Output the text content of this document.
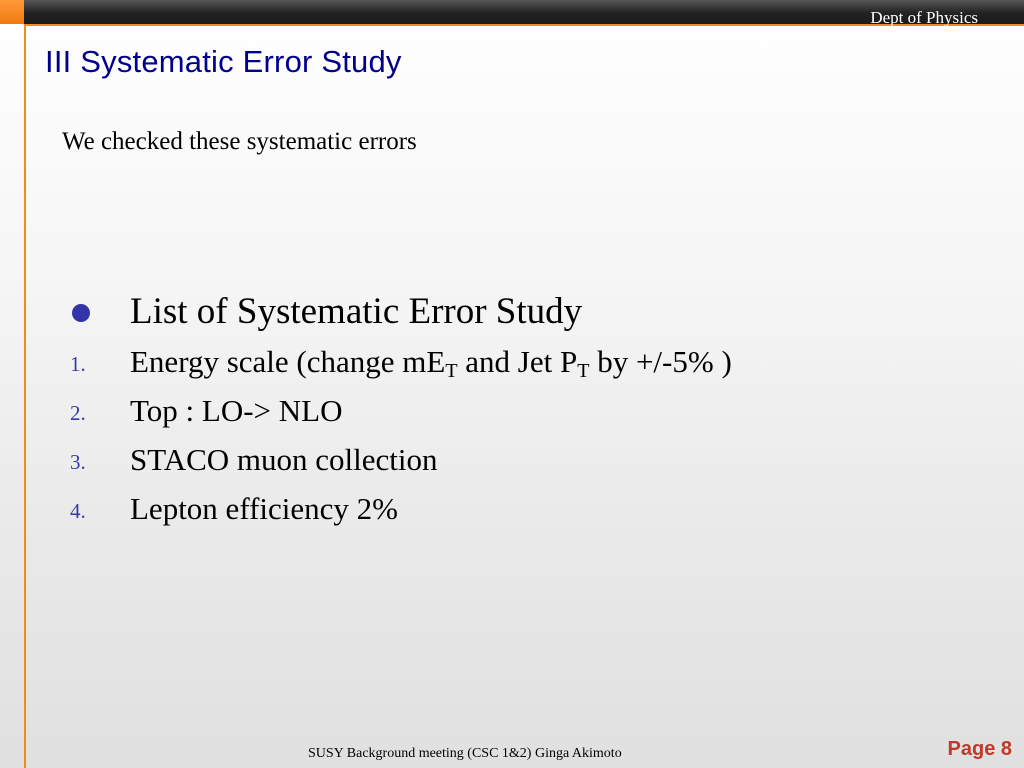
Dept of Physics
III Systematic Error Study
We checked these systematic errors
List of Systematic Error Study
1. Energy scale (change $mE_T$ and Jet $P_T$ by +/-5% )
2. Top : LO-> NLO
3. STACO muon collection
4. Lepton efficiency 2%
SUSY Background meeting (CSC 1&2) Ginga Akimoto	Page 8
